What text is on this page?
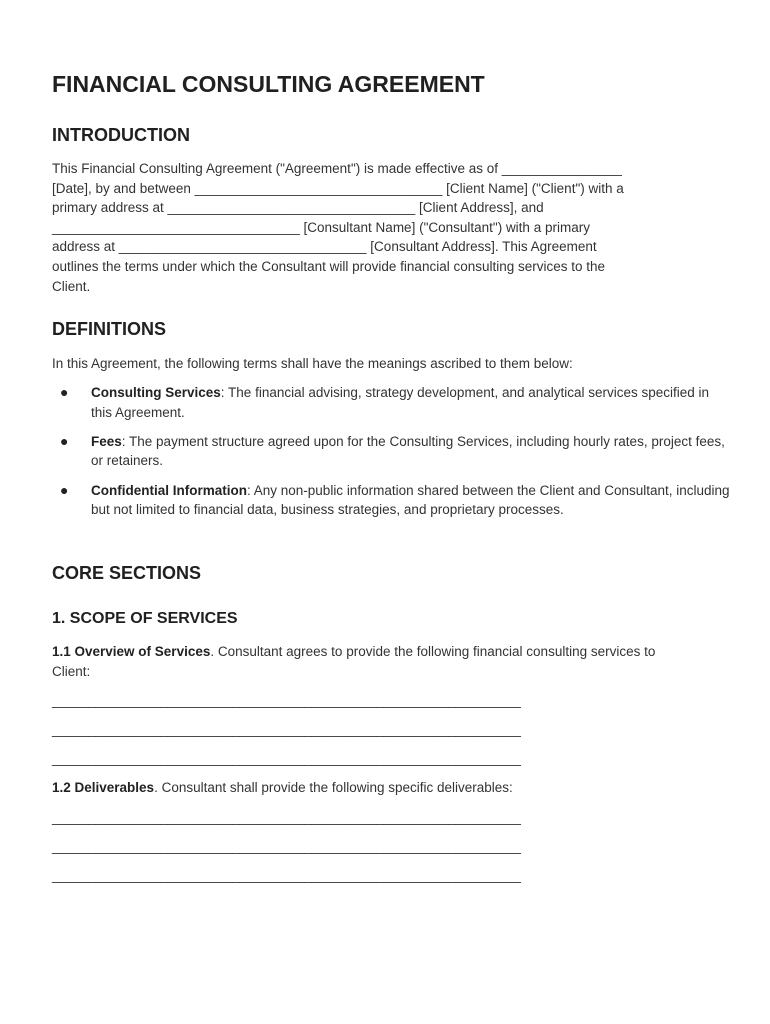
FINANCIAL CONSULTING AGREEMENT
INTRODUCTION

This Financial Consulting Agreement ("Agreement") is made effective as of ________________
[Date], by and between _________________________________ [Client Name] ("Client") with a
primary address at _________________________________ [Client Address], and
_________________________________ [Consultant Name] ("Consultant") with a primary
address at _________________________________ [Consultant Address]. This Agreement
outlines the terms under which the Consultant will provide financial consulting services to the
Client.

DEFINITIONS

In this Agreement, the following terms shall have the meanings ascribed to them below:

● Consulting Services: The financial advising, strategy development, and analytical services specified in this Agreement.
● Fees: The payment structure agreed upon for the Consulting Services, including hourly rates, project fees, or retainers.
● Confidential Information: Any non-public information shared between the Client and Consultant, including but not limited to financial data, business strategies, and proprietary processes.
CORE SECTIONS
1. SCOPE OF SERVICES

1.1 Overview of Services. Consultant agrees to provide the following financial consulting services to Client:

_________________________________________________________________
_________________________________________________________________
_________________________________________________________________

1.2 Deliverables. Consultant shall provide the following specific deliverables:

_________________________________________________________________
_________________________________________________________________
_________________________________________________________________
